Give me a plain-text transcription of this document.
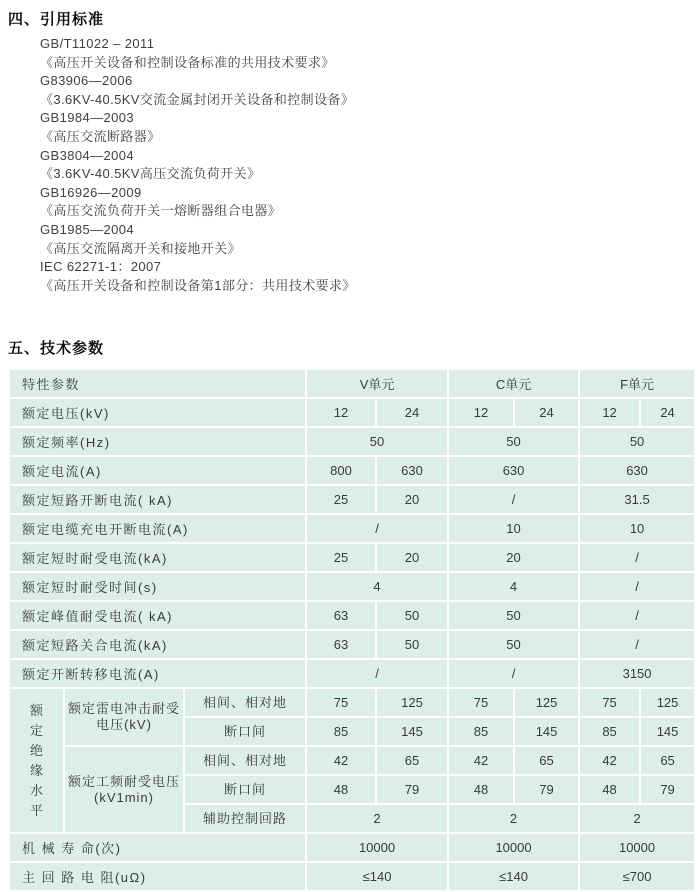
四、引用标准
GB/T11022 – 2011
《高压开关设备和控制设备标准的共用技术要求》
G83906—2006
《3.6KV-40.5KV交流金属封闭开关设备和控制设备》
GB1984—2003
《高压交流断路器》
GB3804—2004
《3.6KV-40.5KV高压交流负荷开关》
GB16926—2009
《高压交流负荷开关一熔断器组合电器》
GB1985—2004
《高压交流隔离开关和接地开关》
IEC 62271-1：2007
《高压开关设备和控制设备第1部分：共用技术要求》
五、技术参数
特性参数			V单元		C单元		F单元	
额定电压(kV)			12	24	12	24	12	24
额定频率(Hz)			50		50		50	
额定电流(A)			800	630	630		630	
额定短路开断电流( kA)			25	20	/		31.5	
额定电缆充电开断电流(A)			/		10		10	
额定短时耐受电流(kA)			25	20	20		/	
额定短时耐受时间(s)			4		4		/	
额定峰值耐受电流( kA)			63	50	50		/	
额定短路关合电流(kA)			63	50	50		/	
额定开断转移电流(A)			/		/		3150	

额定绝缘水平	额定雷电冲击耐受电压(kV)	相间、相对地	75	125	75	125	75	125
		断口间	85	145	85	145	85	145
	额定工频耐受电压(kV1min)	相间、相对地	42	65	42	65	42	65
		断口间	48	79	48	79	48	79
		辅助控制回路	2		2		2	
机 械 寿 命(次)			10000		10000		10000	
主 回 路 电 阻(uΩ)			≤140		≤140		≤700	
